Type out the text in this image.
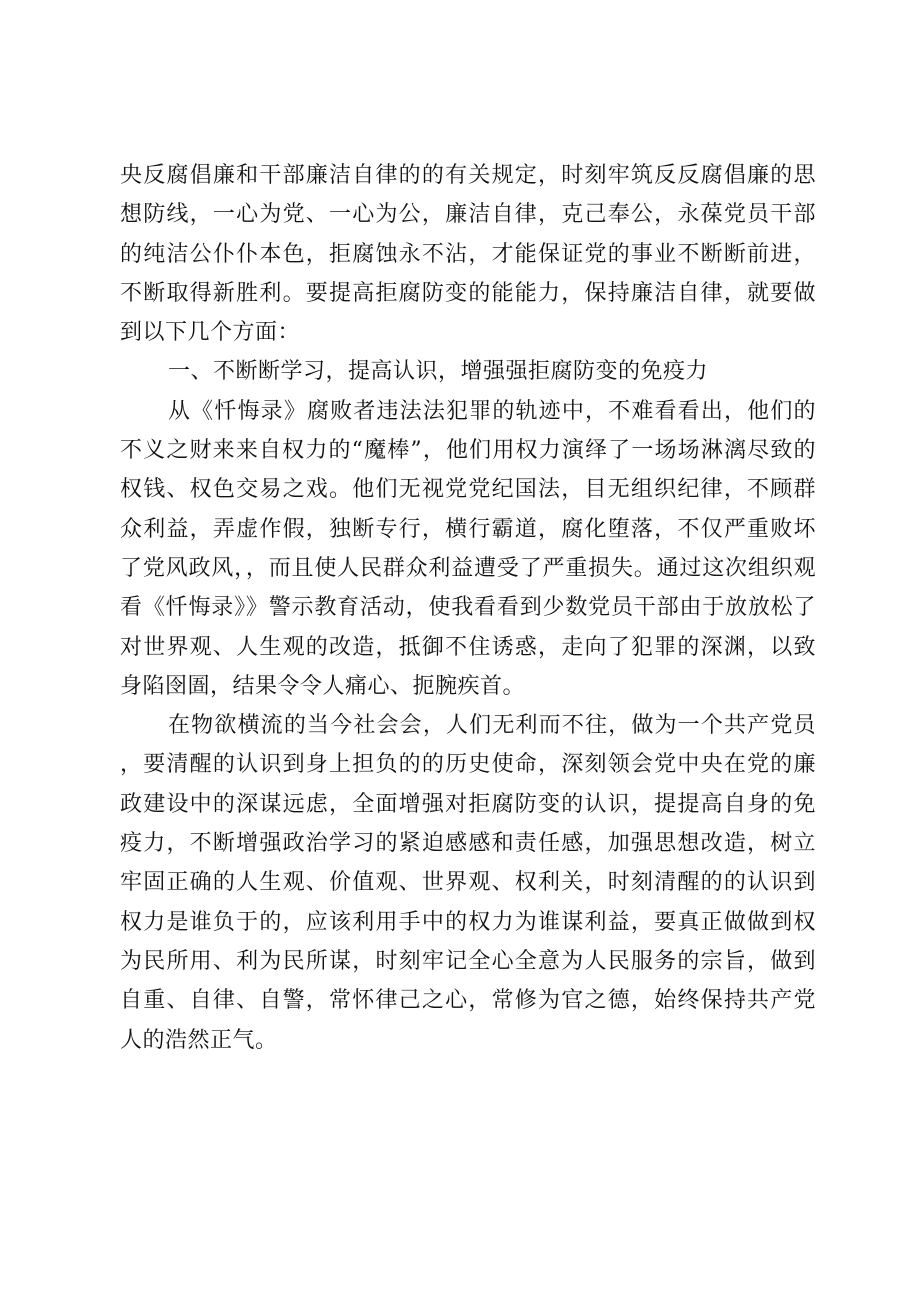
央反腐倡廉和干部廉洁自律的的有关规定，时刻牢筑反反腐倡廉的思想防线，一心为党、一心为公，廉洁自律，克己奉公，永葆党员干部的纯洁公仆仆本色，拒腐蚀永不沾，才能保证党的事业不断断前进，不断取得新胜利。要提高拒腐防变的能能力，保持廉洁自律，就要做到以下几个方面：

一、不断断学习，提高认识，增强强拒腐防变的免疫力

从《忏悔录》腐败者违法法犯罪的轨迹中，不难看看出，他们的不义之财来来自权力的“魔棒”，他们用权力演绎了一场场淋漓尽致的权钱、权色交易之戏。他们无视党党纪国法，目无组织纪律，不顾群众利益，弄虚作假，独断专行，横行霸道，腐化堕落，不仅严重败坏了党风政风，，而且使人民群众利益遭受了严重损失。通过这次组织观看《忏悔录》》警示教育活动，使我看看到少数党员干部由于放放松了对世界观、人生观的改造，抵御不住诱惑，走向了犯罪的深渊，以致身陷囹圄，结果令令人痛心、扼腕疾首。

在物欲横流的当今社会会，人们无利而不往，做为一个共产党员，要清醒的认识到身上担负的的历史使命，深刻领会党中央在党的廉政建设中的深谋远虑，全面增强对拒腐防变的认识，提提高自身的免疫力，不断增强政治学习的紧迫感感和责任感，加强思想改造，树立牢固正确的人生观、价值观、世界观、权利关，时刻清醒的的认识到权力是谁负于的，应该利用手中的权力为谁谋利益，要真正做做到权为民所用、利为民所谋，时刻牢记全心全意为人民服务的宗旨，做到自重、自律、自警，常怀律己之心，常修为官之德，始终保持共产党人的浩然正气。
